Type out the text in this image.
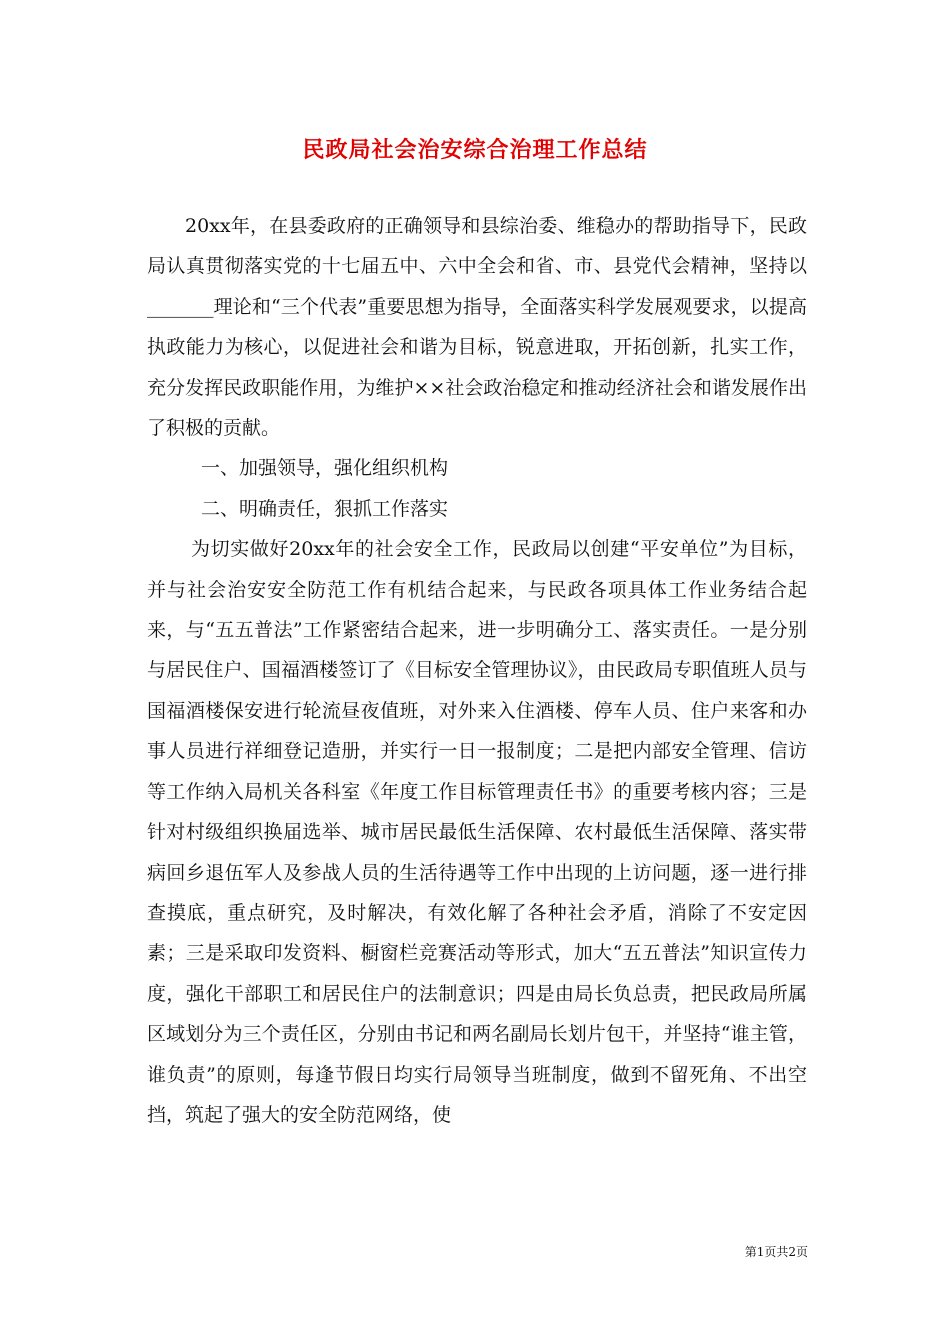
民政局社会治安综合治理工作总结

20xx年，在县委政府的正确领导和县综治委、维稳办的帮助指导下，民政局认真贯彻落实党的十七届五中、六中全会和省、市、县党代会精神，坚持以_______理论和“三个代表”重要思想为指导，全面落实科学发展观要求，以提高执政能力为核心，以促进社会和谐为目标，锐意进取，开拓创新，扎实工作，充分发挥民政职能作用，为维护××社会政治稳定和推动经济社会和谐发展作出了积极的贡献。

一、加强领导，强化组织机构

二、明确责任，狠抓工作落实

为切实做好20xx年的社会安全工作，民政局以创建“平安单位”为目标，并与社会治安安全防范工作有机结合起来，与民政各项具体工作业务结合起来，与“五五普法”工作紧密结合起来，进一步明确分工、落实责任。一是分别与居民住户、国福酒楼签订了《目标安全管理协议》，由民政局专职值班人员与国福酒楼保安进行轮流昼夜值班，对外来入住酒楼、停车人员、住户来客和办事人员进行祥细登记造册，并实行一日一报制度；二是把内部安全管理、信访等工作纳入局机关各科室《年度工作目标管理责任书》的重要考核内容；三是针对村级组织换届选举、城市居民最低生活保障、农村最低生活保障、落实带病回乡退伍军人及参战人员的生活待遇等工作中出现的上访问题，逐一进行排查摸底，重点研究，及时解决，有效化解了各种社会矛盾，消除了不安定因素；三是采取印发资料、橱窗栏竞赛活动等形式，加大“五五普法”知识宣传力度，强化干部职工和居民住户的法制意识；四是由局长负总责，把民政局所属区域划分为三个责任区，分别由书记和两名副局长划片包干，并坚持“谁主管，谁负责”的原则，每逢节假日均实行局领导当班制度，做到不留死角、不出空挡，筑起了强大的安全防范网络，使

第1页共2页
